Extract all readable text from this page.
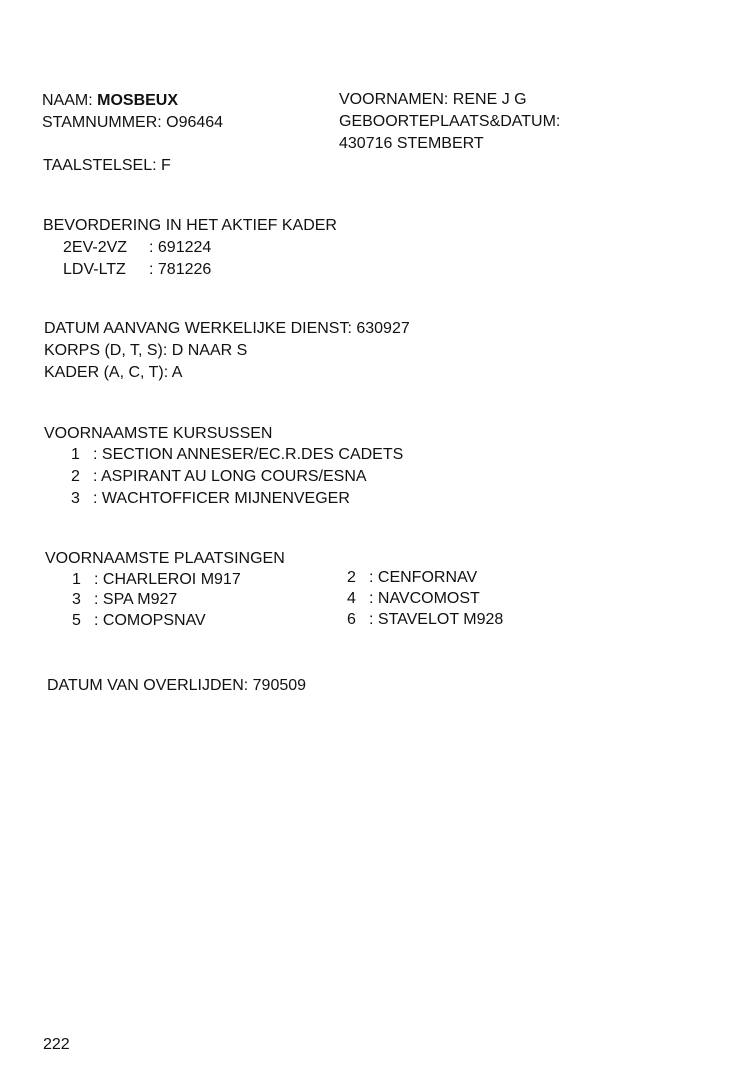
NAAM: MOSBEUX
STAMNUMMER: O96464
VOORNAMEN: RENE J G
GEBOORTEPLAATS&DATUM:
430716 STEMBERT
TAALSTELSEL: F
BEVORDERING IN HET AKTIEF KADER
2EV-2VZ : 691224
LDV-LTZ : 781226
DATUM AANVANG WERKELIJKE DIENST: 630927
KORPS (D, T, S): D NAAR S
KADER (A, C, T): A
VOORNAAMSTE KURSUSSEN
1 : SECTION ANNESER/EC.R.DES CADETS
2 : ASPIRANT AU LONG COURS/ESNA
3 : WACHTOFFICER MIJNENVEGER
VOORNAAMSTE PLAATSINGEN
1 : CHARLEROI M917	2 : CENFORNAV
3 : SPA M927	4 : NAVCOMOST
5 : COMOPSNAV	6 : STAVELOT M928
DATUM VAN OVERLIJDEN: 790509
222
